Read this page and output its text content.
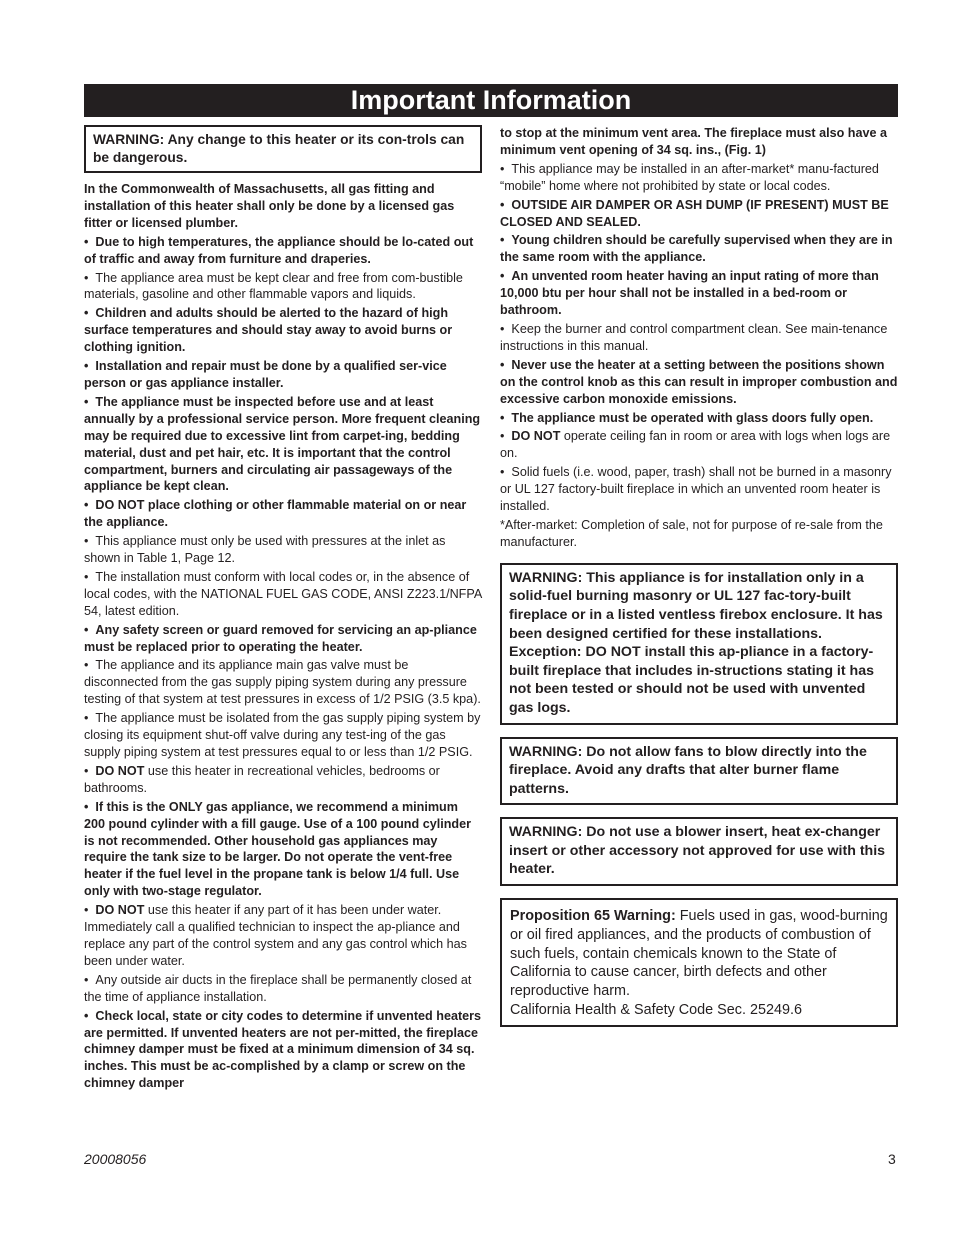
Important Information
WARNING: Any change to this heater or its con-trols can be dangerous.

In the Commonwealth of Massachusetts, all gas fitting and installation of this heater shall only be done by a licensed gas fitter or licensed plumber.

•  Due to high temperatures, the appliance should be lo-cated out of traffic and away from furniture and draperies.

•  The appliance area must be kept clear and free from com-bustible materials, gasoline and other flammable vapors and liquids.

•  Children and adults should be alerted to the hazard of high surface temperatures and should stay away to avoid burns or clothing ignition.

•  Installation and repair must be done by a qualified ser-vice person or gas appliance installer.

•  The appliance must be inspected before use and at least annually by a professional service person. More frequent cleaning may be required due to excessive lint from carpet-ing, bedding material, dust and pet hair, etc. It is important that the control compartment, burners and circulating air passageways of the appliance be kept clean.

•  DO NOT place clothing or other flammable material on or near the appliance.

•  This appliance must only be used with pressures at the inlet as shown in Table 1, Page 12.

•  The installation must conform with local codes or, in the absence of local codes, with the NATIONAL FUEL GAS CODE, ANSI Z223.1/NFPA 54, latest edition.

•  Any safety screen or guard removed for servicing an ap-pliance must be replaced prior to operating the heater.

•  The appliance and its appliance main gas valve must be disconnected from the gas supply piping system during any pressure testing of that system at test pressures in excess of 1/2 PSIG (3.5 kpa).

•  The appliance must be isolated from the gas supply piping system by closing its equipment shut-off valve during any test-ing of the gas supply piping system at test pressures equal to or less than 1/2 PSIG.

•  DO NOT use this heater in recreational vehicles, bedrooms or bathrooms.

•  If this is the ONLY gas appliance, we recommend a minimum 200 pound cylinder with a fill gauge. Use of a 100 pound cylinder is not recommended. Other household gas appliances may require the tank size to be larger. Do not operate the vent-free heater if the fuel level in the propane tank is below 1/4 full. Use only with two-stage regulator.

•  DO NOT use this heater if any part of it has been under water. Immediately call a qualified technician to inspect the ap-pliance and replace any part of the control system and any gas control which has been under water.

•  Any outside air ducts in the fireplace shall be permanently closed at the time of appliance installation.

•  Check local, state or city codes to determine if unvented heaters are permitted. If unvented heaters are not per-mitted, the fireplace chimney damper must be fixed at a minimum dimension of 34 sq. inches. This must be ac-complished by a clamp or screw on the chimney damper

to stop at the minimum vent area. The fireplace must also have a minimum vent opening of 34 sq. ins., (Fig. 1)

•  This appliance may be installed in an after-market* manu-factured “mobile” home where not prohibited by state or local codes.

•  OUTSIDE AIR DAMPER OR ASH DUMP (IF PRESENT) MUST BE CLOSED AND SEALED.

•  Young children should be carefully supervised when they are in the same room with the appliance.

•  An unvented room heater having an input rating of more than 10,000 btu per hour shall not be installed in a bed-room or bathroom.

•  Keep the burner and control compartment clean. See main-tenance instructions in this manual.

•  Never use the heater at a setting between the positions shown on the control knob as this can result in improper combustion and excessive carbon monoxide emissions.

•  The appliance must be operated with glass doors fully open.

•  DO NOT operate ceiling fan in room or area with logs when logs are on.

•  Solid fuels (i.e. wood, paper, trash) shall not be burned in a masonry or UL 127 factory-built fireplace in which an unvented room heater is installed.

*After-market: Completion of sale, not for purpose of re-sale from the manufacturer.

WARNING: This appliance is for installation only in a solid-fuel burning masonry or UL 127 fac-tory-built fireplace or in a listed ventless firebox enclosure. It has been designed certified for these installations. Exception: DO NOT install this ap-pliance in a factory-built fireplace that includes in-structions stating it has not been tested or should not be used with unvented gas logs.
WARNING: Do not allow fans to blow directly into the fireplace. Avoid any drafts that alter burner flame patterns.
WARNING: Do not use a blower insert, heat ex-changer insert or other accessory not approved for use with this heater.
Proposition 65 Warning: Fuels used in gas, wood-burning or oil fired appliances, and the products of combustion of such fuels, contain chemicals known to the State of California to cause cancer, birth defects and other reproductive harm.
California Health & Safety Code Sec. 25249.6
20008056	3
